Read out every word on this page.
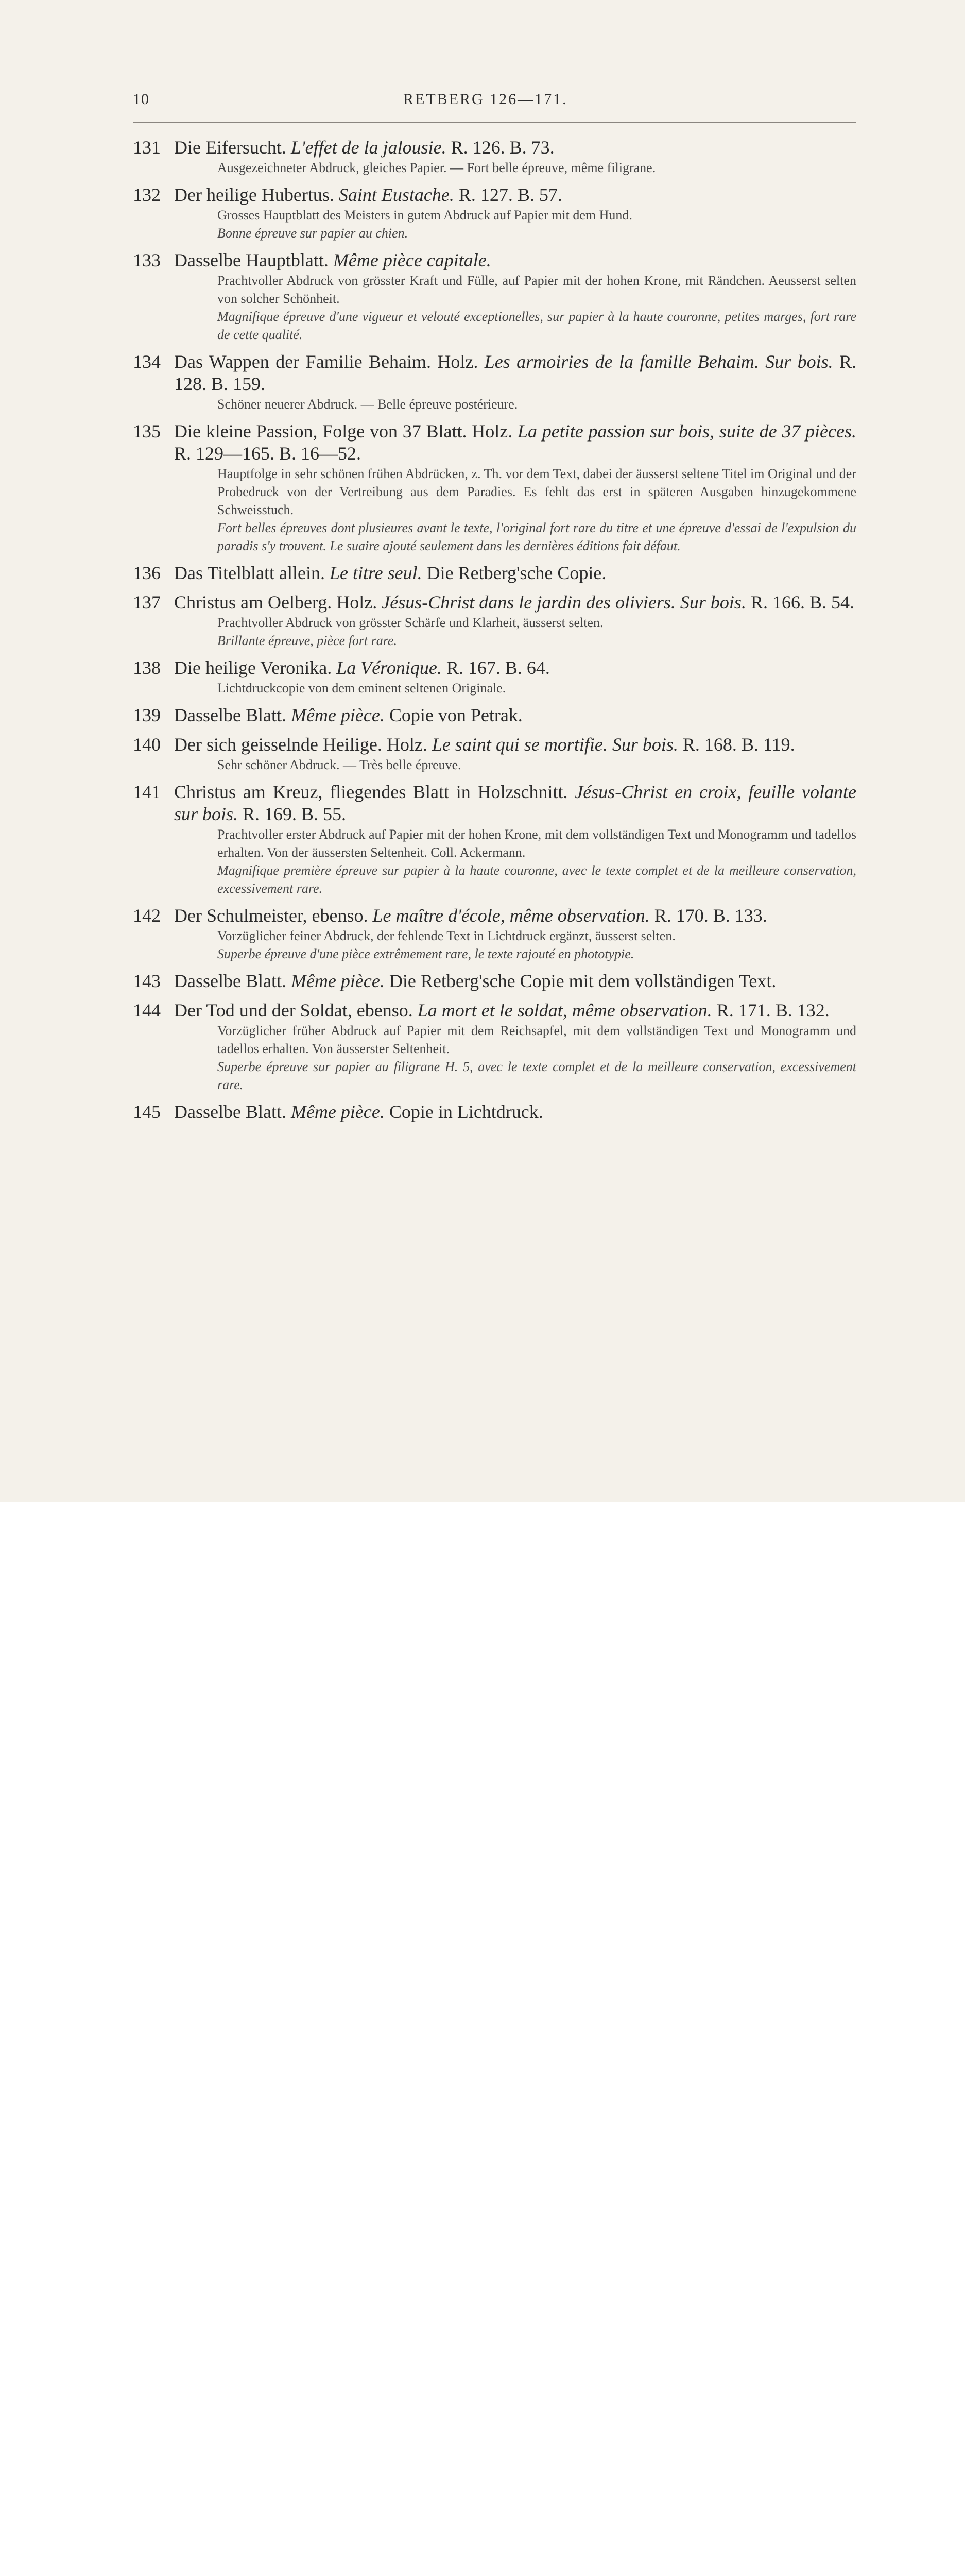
10	RETBERG 126—171.
131 Die Eifersucht. L'effet de la jalousie. R. 126. B. 73.
Ausgezeichneter Abdruck, gleiches Papier. — Fort belle épreuve, même filigrane.
132 Der heilige Hubertus. Saint Eustache. R. 127. B. 57.
Grosses Hauptblatt des Meisters in gutem Abdruck auf Papier mit dem Hund.
Bonne épreuve sur papier au chien.
133 Dasselbe Hauptblatt. Même pièce capitale.
Prachtvoller Abdruck von grösster Kraft und Fülle, auf Papier mit der hohen Krone, mit Rändchen. Aeusserst selten von solcher Schönheit.
Magnifique épreuve d'une vigueur et velouté exceptionelles, sur papier à la haute couronne, petites marges, fort rare de cette qualité.
134 Das Wappen der Familie Behaim. Holz. Les armoiries de la famille Behaim. Sur bois. R. 128. B. 159.
Schöner neuerer Abdruck. — Belle épreuve postérieure.
135 Die kleine Passion, Folge von 37 Blatt. Holz. La petite passion sur bois, suite de 37 pièces. R. 129—165. B. 16—52.
Hauptfolge in sehr schönen frühen Abdrücken, z. Th. vor dem Text, dabei der äusserst seltene Titel im Original und der Probedruck von der Vertreibung aus dem Paradies. Es fehlt das erst in späteren Ausgaben hinzugekommene Schweisstuch.
Fort belles épreuves dont plusieures avant le texte, l'original fort rare du titre et une épreuve d'essai de l'expulsion du paradis s'y trouvent. Le suaire ajouté seulement dans les dernières éditions fait défaut.
136 Das Titelblatt allein. Le titre seul. Die Retberg'sche Copie.
137 Christus am Oelberg. Holz. Jésus-Christ dans le jardin des oliviers. Sur bois. R. 166. B. 54.
Prachtvoller Abdruck von grösster Schärfe und Klarheit, äusserst selten.
Brillante épreuve, pièce fort rare.
138 Die heilige Veronika. La Véronique. R. 167. B. 64.
Lichtdruckcopie von dem eminent seltenen Originale.
139 Dasselbe Blatt. Même pièce. Copie von Petrak.
140 Der sich geisselnde Heilige. Holz. Le saint qui se mortifie. Sur bois. R. 168. B. 119.
Sehr schöner Abdruck. — Très belle épreuve.
141 Christus am Kreuz, fliegendes Blatt in Holzschnitt. Jésus-Christ en croix, feuille volante sur bois. R. 169. B. 55.
Prachtvoller erster Abdruck auf Papier mit der hohen Krone, mit dem vollständigen Text und Monogramm und tadellos erhalten. Von der äussersten Seltenheit. Coll. Ackermann.
Magnifique première épreuve sur papier à la haute couronne, avec le texte complet et de la meilleure conservation, excessivement rare.
142 Der Schulmeister, ebenso. Le maître d'école, même observation. R. 170. B. 133.
Vorzüglicher feiner Abdruck, der fehlende Text in Lichtdruck ergänzt, äusserst selten.
Superbe épreuve d'une pièce extrêmement rare, le texte rajouté en phototypie.
143 Dasselbe Blatt. Même pièce. Die Retberg'sche Copie mit dem vollständigen Text.
144 Der Tod und der Soldat, ebenso. La mort et le soldat, même observation. R. 171. B. 132.
Vorzüglicher früher Abdruck auf Papier mit dem Reichsapfel, mit dem vollständigen Text und Monogramm und tadellos erhalten. Von äusserster Seltenheit.
Superbe épreuve sur papier au filigrane H. 5, avec le texte complet et de la meilleure conservation, excessivement rare.
145 Dasselbe Blatt. Même pièce. Copie in Lichtdruck.
